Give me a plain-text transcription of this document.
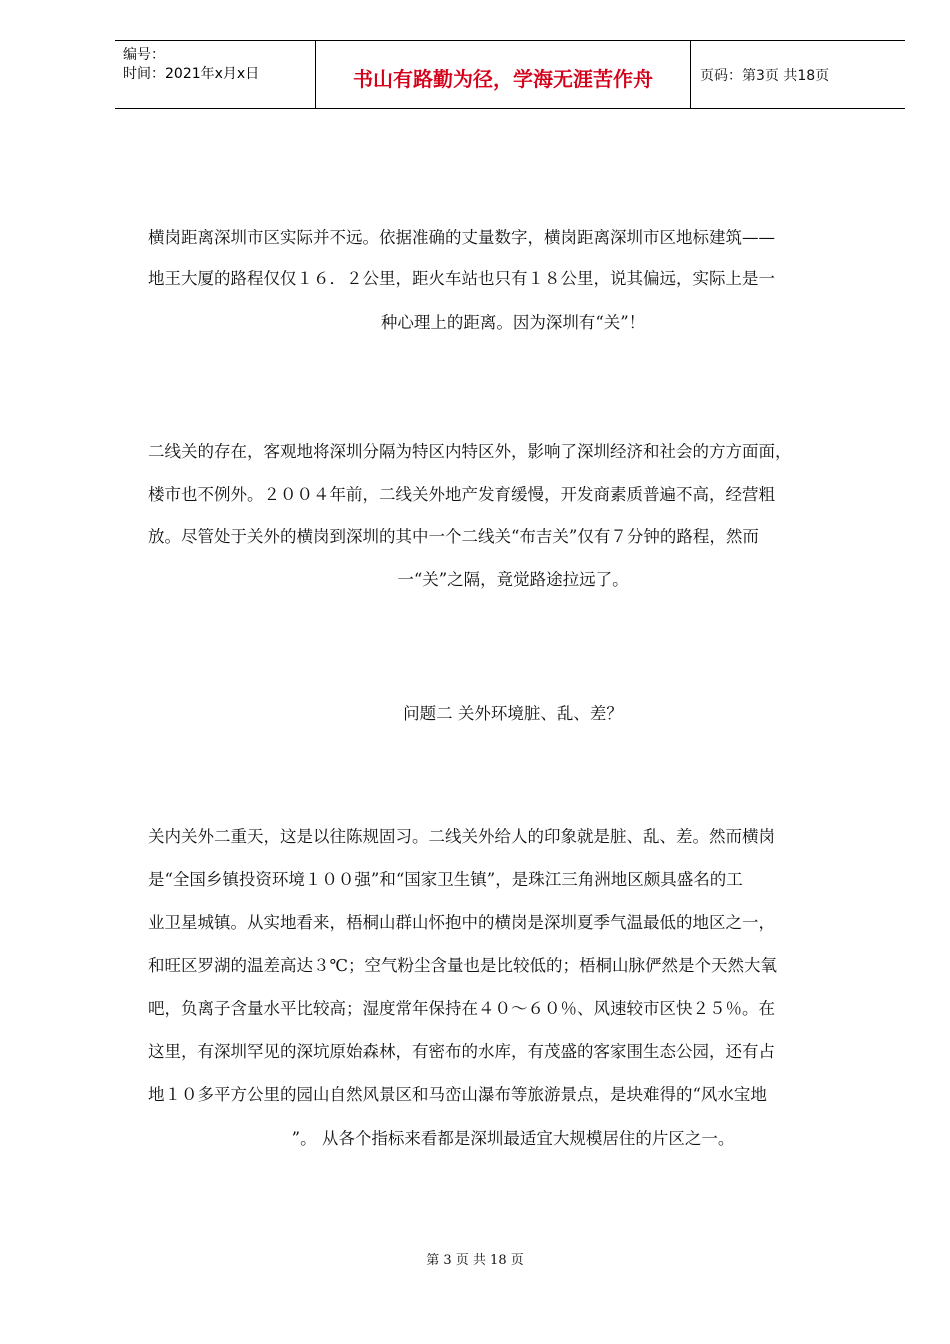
编号：
时间：2021年x月x日	书山有路勤为径，学海无涯苦作舟	页码：第3页 共18页
横岗距离深圳市区实际并不远。依据准确的丈量数字，横岗距离深圳市区地标建筑——
地王大厦的路程仅仅１６．２公里，距火车站也只有１８公里，说其偏远，实际上是一
种心理上的距离。因为深圳有“关”！
二线关的存在，客观地将深圳分隔为特区内特区外，影响了深圳经济和社会的方方面面，
楼市也不例外。２００４年前，二线关外地产发育缓慢，开发商素质普遍不高，经营粗
放。尽管处于关外的横岗到深圳的其中一个二线关“布吉关”仅有７分钟的路程，然而
一“关”之隔，竟觉路途拉远了。
问题二 关外环境脏、乱、差？
关内关外二重天，这是以往陈规固习。二线关外给人的印象就是脏、乱、差。然而横岗
是“全国乡镇投资环境１００强”和“国家卫生镇”，是珠江三角洲地区颇具盛名的工
业卫星城镇。从实地看来，梧桐山群山怀抱中的横岗是深圳夏季气温最低的地区之一，
和旺区罗湖的温差高达３℃；空气粉尘含量也是比较低的；梧桐山脉俨然是个天然大氧
吧，负离子含量水平比较高；湿度常年保持在４０～６０％、风速较市区快２５％。在
这里，有深圳罕见的深坑原始森林，有密布的水库，有茂盛的客家围生态公园，还有占
地１０多平方公里的园山自然风景区和马峦山瀑布等旅游景点，是块难得的“风水宝地
”。 从各个指标来看都是深圳最适宜大规模居住的片区之一。
第 3 页 共 18 页
